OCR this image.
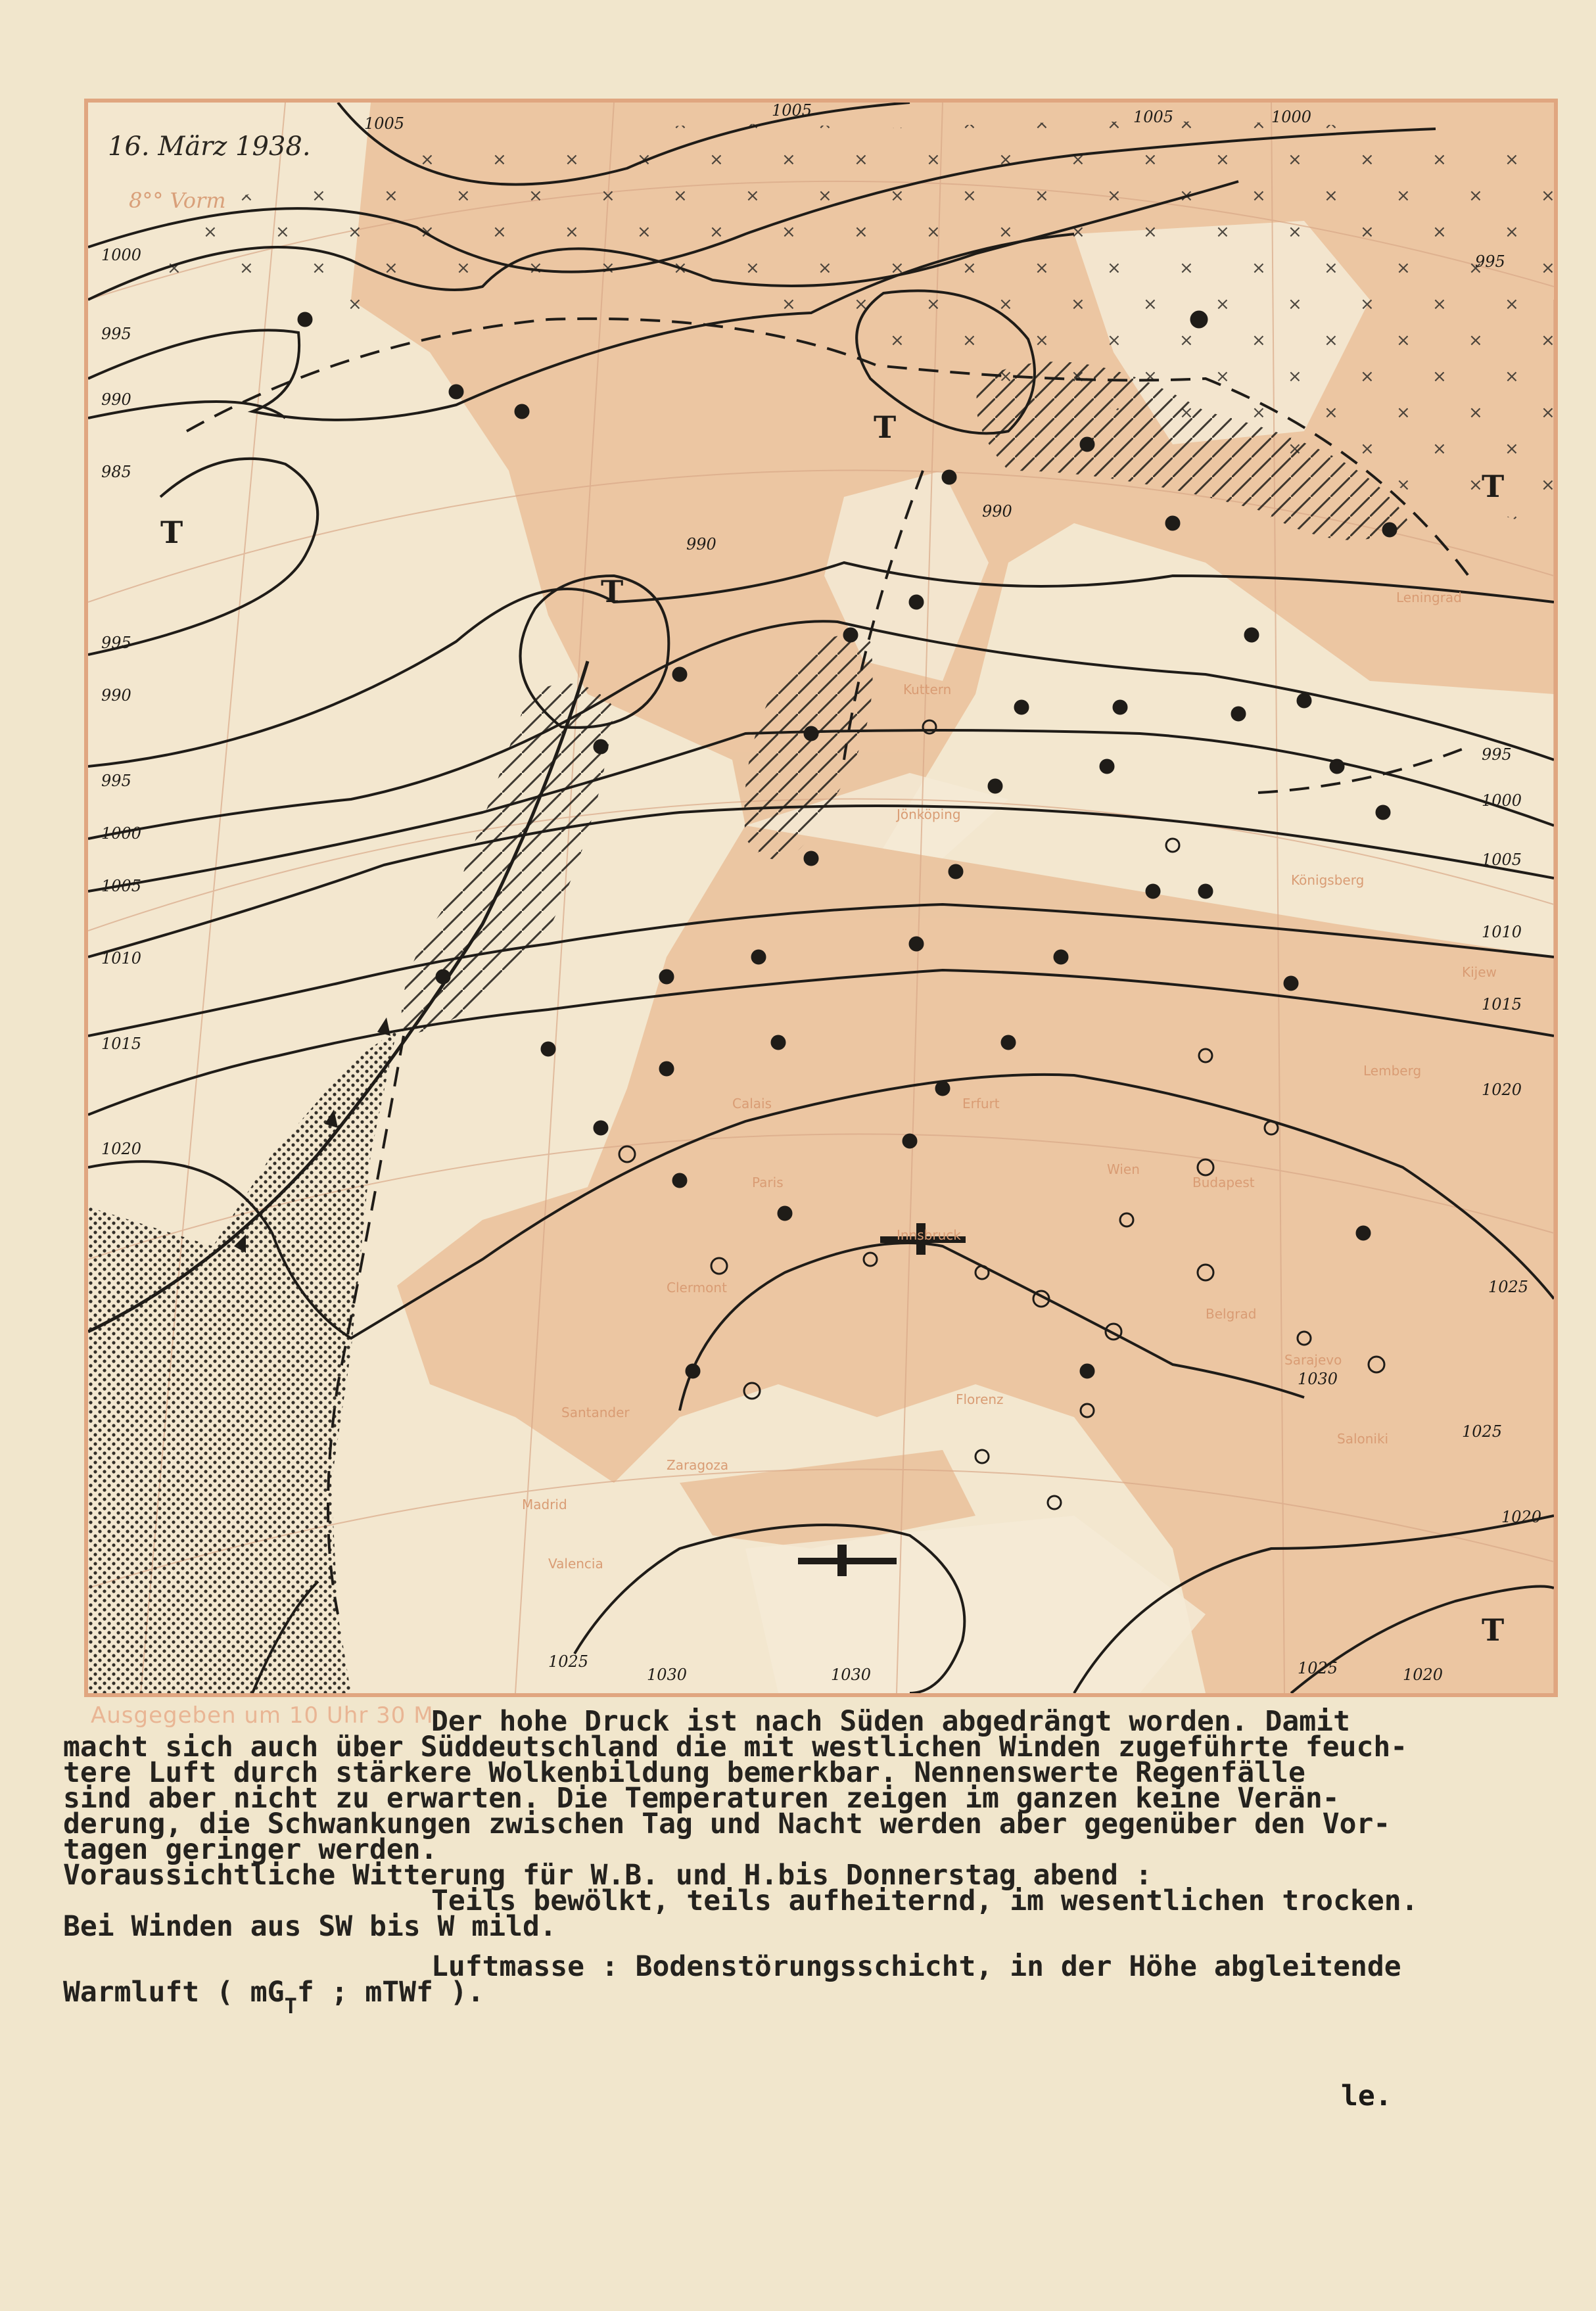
T
T
T
T
T
1005
1005	1005	1000
1000
995
990
985
995
990
995
1000
1005
1010
1015
1020
990
990
995
995
1000
1005
1010
1015
1020
1025
1030
1025
1020
1020
1025
1025
1030	1030
Leningrad
Kuttern
Jönköping
Königsberg
Kijew
Lemberg
Wien
Budapest
Erfurt
Calais
Paris
Innsbruck
Belgrad
Florenz
Santander
Zaragoza
Madrid
Valencia
Saloniki
Clermont
Sarajevo
16. März 1938.
8°° Vorm
Ausgegeben um 10 Uhr 30 M

Der hohe Druck ist nach Süden abgedrängt worden. Damit

macht sich auch über Süddeutschland die mit westlichen Winden zugeführte feuch-

tere Luft durch stärkere Wolkenbildung bemerkbar. Nennenswerte Regenfälle

sind aber nicht zu erwarten. Die Temperaturen zeigen im ganzen keine Verän-

derung, die Schwankungen zwischen Tag und Nacht werden aber gegenüber den Vor-

tagen geringer werden.

Voraussichtliche Witterung für W.B. und H.bis Donnerstag abend :

Teils bewölkt, teils aufheiternd, im wesentlichen trocken.

Bei Winden aus SW bis W mild.

Luftmasse : Bodenstörungsschicht, in der Höhe abgleitende

Warmluft ( $mG_Tf$ ; mTWf ).

le.
